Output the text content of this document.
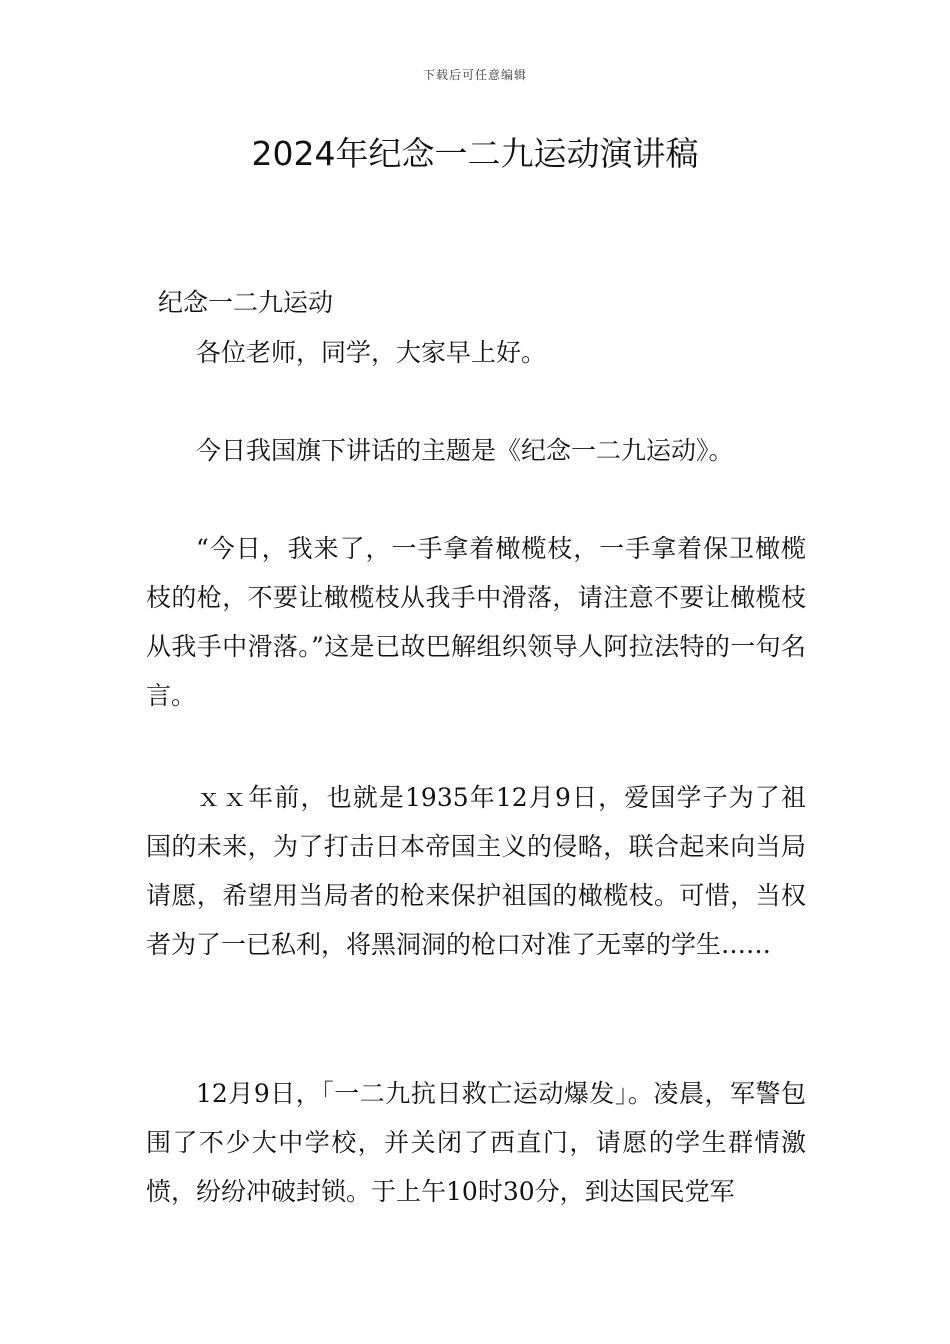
下载后可任意编辑
2024年纪念一二九运动演讲稿
纪念一二九运动

各位老师，同学，大家早上好。

今日我国旗下讲话的主题是《纪念一二九运动》。

“今日，我来了，一手拿着橄榄枝，一手拿着保卫橄榄枝的枪，不要让橄榄枝从我手中滑落，请注意不要让橄榄枝从我手中滑落。”这是已故巴解组织领导人阿拉法特的一句名言。

ｘｘ年前，也就是1935年12月9日，爱国学子为了祖国的未来，为了打击日本帝国主义的侵略，联合起来向当局请愿，希望用当局者的枪来保护祖国的橄榄枝。可惜，当权者为了一已私利，将黑洞洞的枪口对准了无辜的学生……

12月9日，「一二九抗日救亡运动爆发」。凌晨，军警包围了不少大中学校，并关闭了西直门，请愿的学生群情激愤，纷纷冲破封锁。于上午10时30分，到达国民党军
